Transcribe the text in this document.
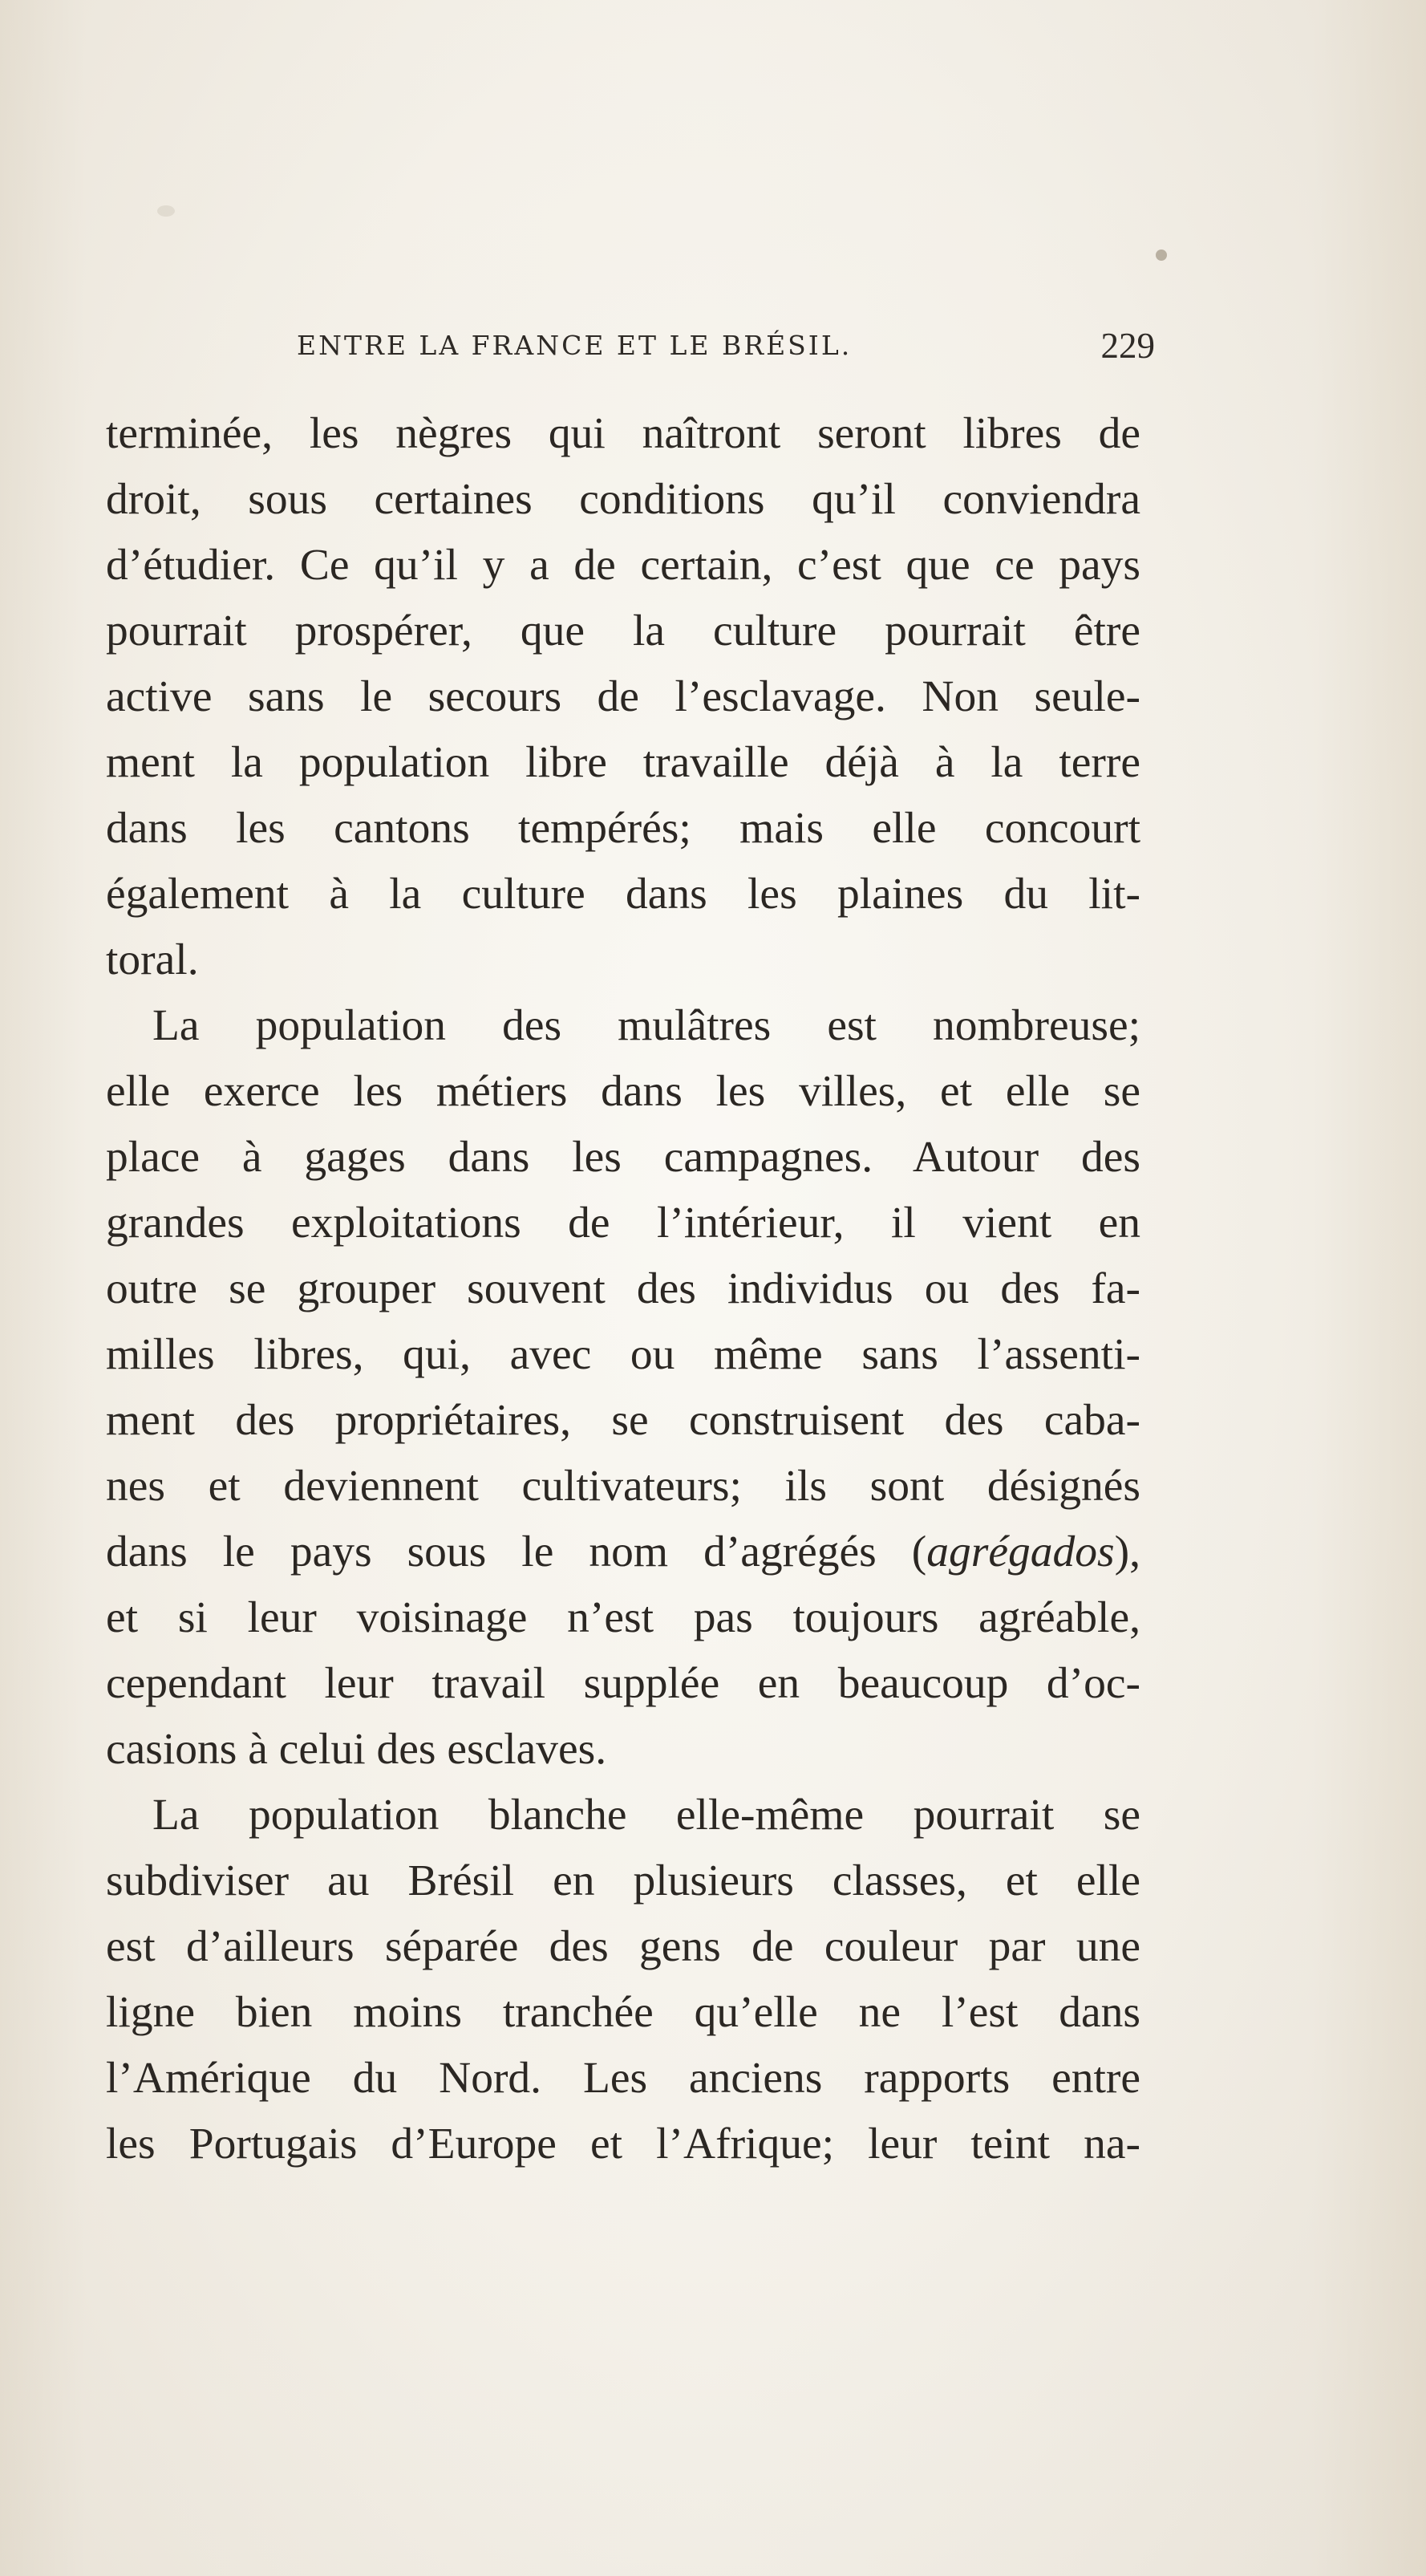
ENTRE LA FRANCE ET LE BRÉSIL.	229
terminée, les nègres qui naîtront seront libres de
droit, sous certaines conditions qu’il conviendra
d’étudier. Ce qu’il y a de certain, c’est que ce pays
pourrait prospérer, que la culture pourrait être
active sans le secours de l’esclavage. Non seule-
ment la population libre travaille déjà à la terre
dans les cantons tempérés; mais elle concourt
également à la culture dans les plaines du lit-
toral.
La population des mulâtres est nombreuse;
elle exerce les métiers dans les villes, et elle se
place à gages dans les campagnes. Autour des
grandes exploitations de l’intérieur, il vient en
outre se grouper souvent des individus ou des fa-
milles libres, qui, avec ou même sans l’assenti-
ment des propriétaires, se construisent des caba-
nes et deviennent cultivateurs; ils sont désignés
dans le pays sous le nom d’agrégés (agrégados),
et si leur voisinage n’est pas toujours agréable,
cependant leur travail supplée en beaucoup d’oc-
casions à celui des esclaves.
La population blanche elle-même pourrait se
subdiviser au Brésil en plusieurs classes, et elle
est d’ailleurs séparée des gens de couleur par une
ligne bien moins tranchée qu’elle ne l’est dans
l’Amérique du Nord. Les anciens rapports entre
les Portugais d’Europe et l’Afrique; leur teint na-
